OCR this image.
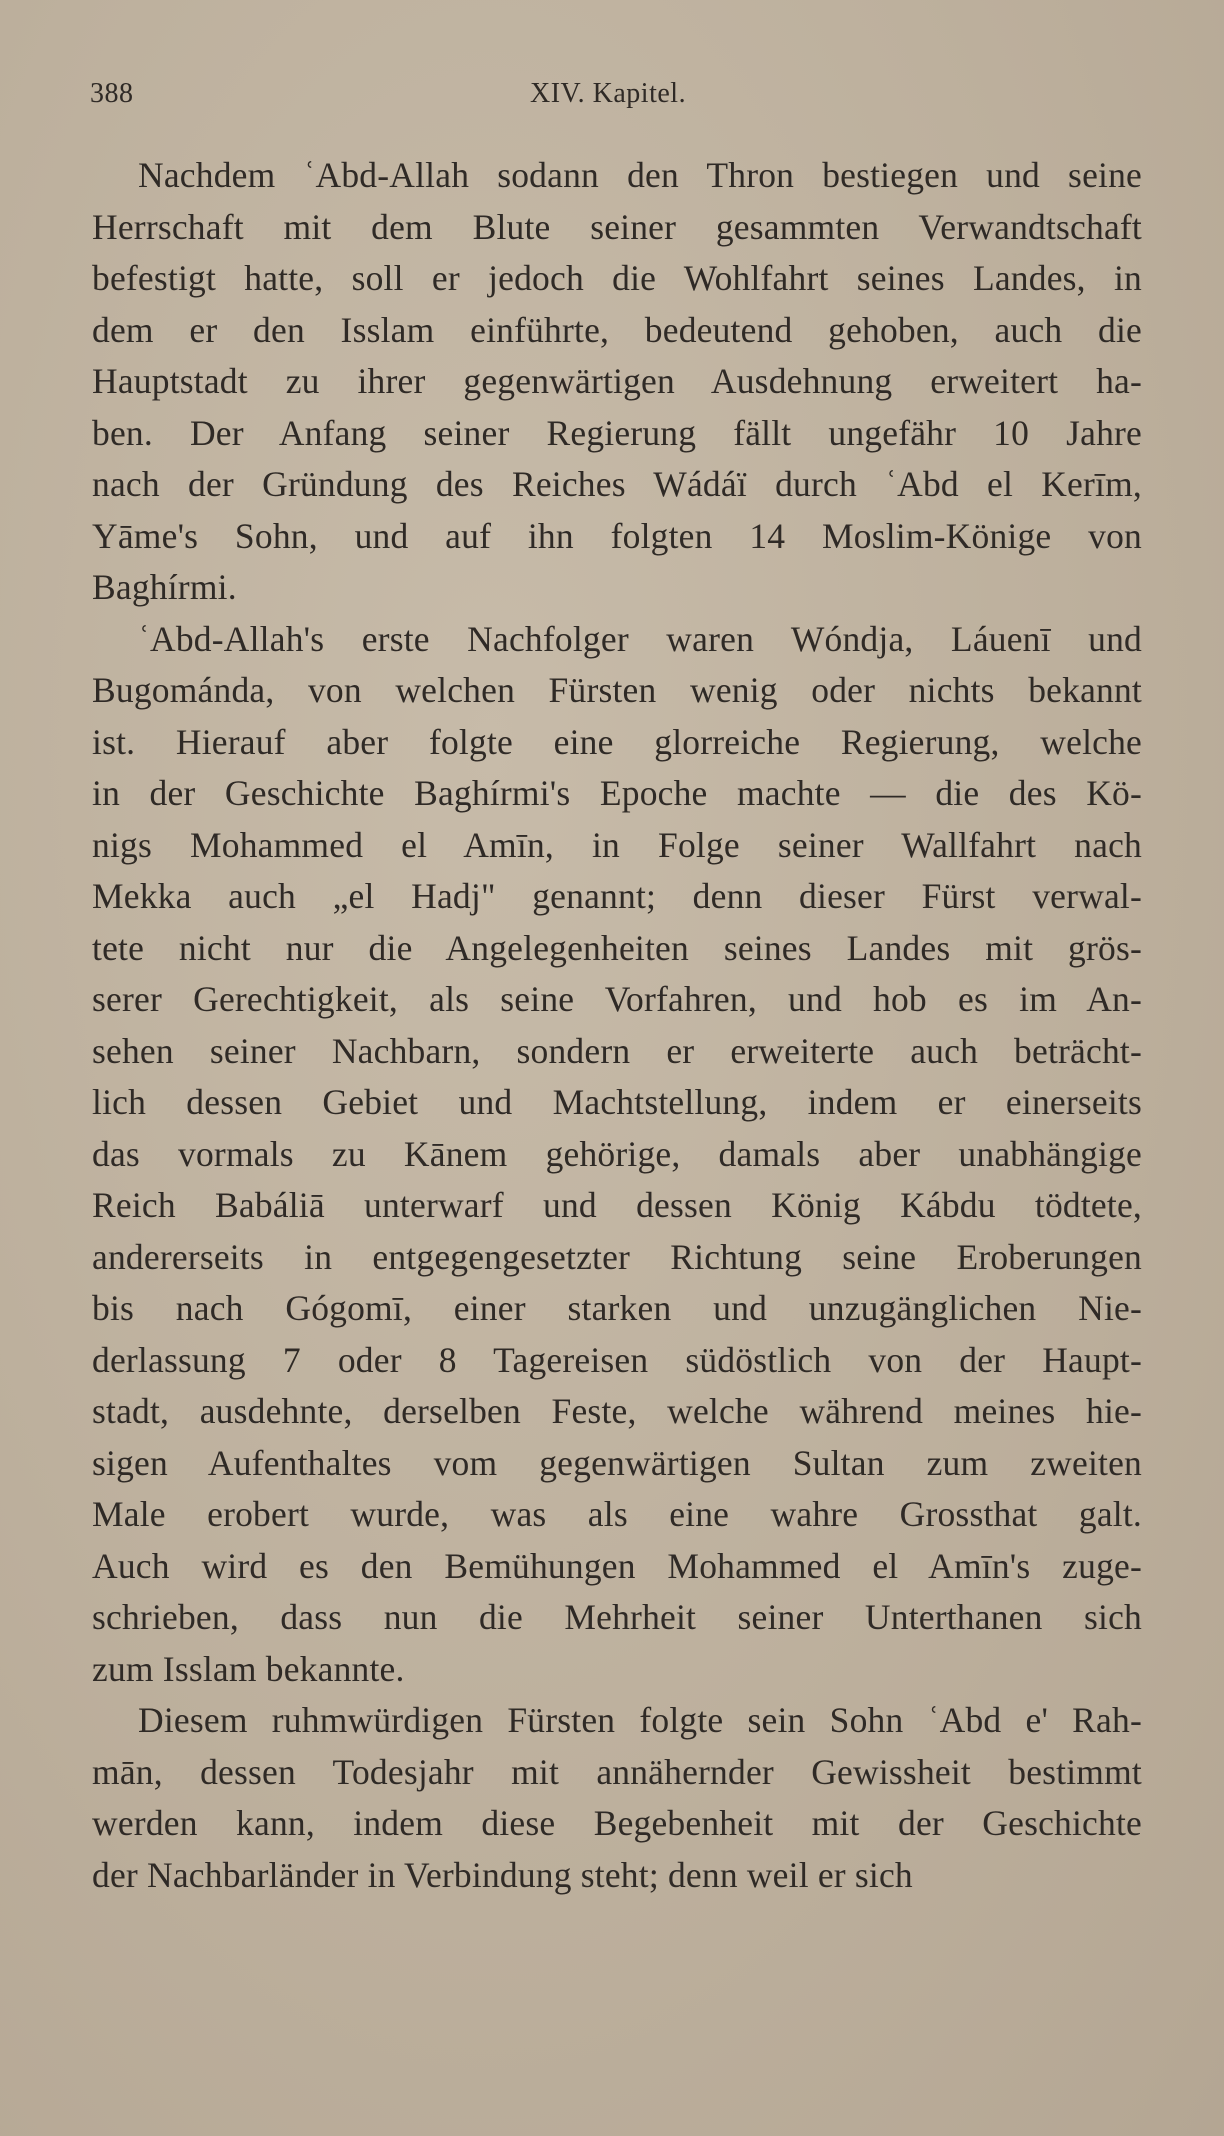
388	XIV. Kapitel.

Nachdem ʿAbd-Allah sodann den Thron bestiegen und seine
Herrschaft mit dem Blute seiner gesammten Verwandtschaft
befestigt hatte, soll er jedoch die Wohlfahrt seines Landes, in
dem er den Isslam einführte, bedeutend gehoben, auch die
Hauptstadt zu ihrer gegenwärtigen Ausdehnung erweitert ha-
ben. Der Anfang seiner Regierung fällt ungefähr 10 Jahre
nach der Gründung des Reiches Wádáï durch ʿAbd el Kerīm,
Yāme's Sohn, und auf ihn folgten 14 Moslim-Könige von
Baghírmi.

ʿAbd-Allah's erste Nachfolger waren Wóndja, Láuenī und
Bugománda, von welchen Fürsten wenig oder nichts bekannt
ist. Hierauf aber folgte eine glorreiche Regierung, welche
in der Geschichte Baghírmi's Epoche machte — die des Kö-
nigs Mohammed el Amīn, in Folge seiner Wallfahrt nach
Mekka auch „el Hadj" genannt; denn dieser Fürst verwal-
tete nicht nur die Angelegenheiten seines Landes mit grös-
serer Gerechtigkeit, als seine Vorfahren, und hob es im An-
sehen seiner Nachbarn, sondern er erweiterte auch beträcht-
lich dessen Gebiet und Machtstellung, indem er einerseits
das vormals zu Kānem gehörige, damals aber unabhängige
Reich Babáliā unterwarf und dessen König Kábdu tödtete,
andererseits in entgegengesetzter Richtung seine Eroberungen
bis nach Gógomī, einer starken und unzugänglichen Nie-
derlassung 7 oder 8 Tagereisen südöstlich von der Haupt-
stadt, ausdehnte, derselben Feste, welche während meines hie-
sigen Aufenthaltes vom gegenwärtigen Sultan zum zweiten
Male erobert wurde, was als eine wahre Grossthat galt.
Auch wird es den Bemühungen Mohammed el Amīn's zuge-
schrieben, dass nun die Mehrheit seiner Unterthanen sich
zum Isslam bekannte.

Diesem ruhmwürdigen Fürsten folgte sein Sohn ʿAbd e' Rah-
mān, dessen Todesjahr mit annähernder Gewissheit bestimmt
werden kann, indem diese Begebenheit mit der Geschichte
der Nachbarländer in Verbindung steht; denn weil er sich
